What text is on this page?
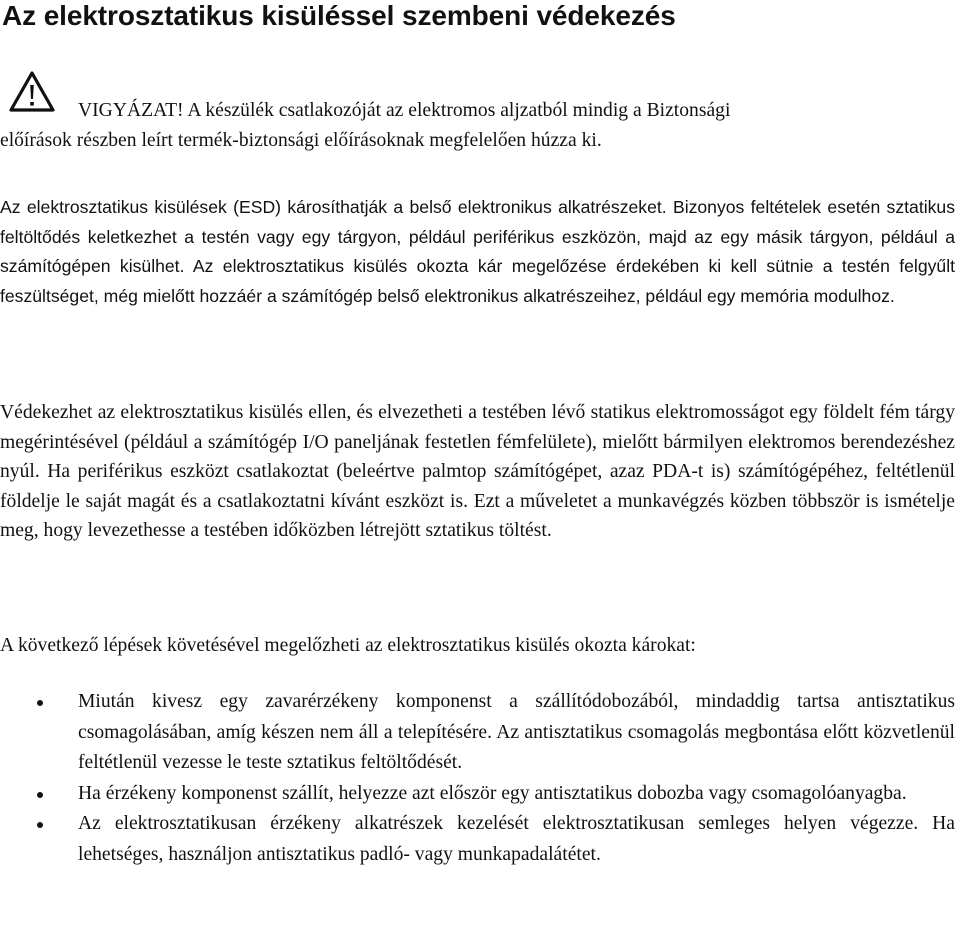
Az elektrosztatikus kisüléssel szembeni védekezés
VIGYÁZAT! A készülék csatlakozóját az elektromos aljzatból mindig a Biztonsági
előírások részben leírt termék-biztonsági előírásoknak megfelelően húzza ki.

Az elektrosztatikus kisülések (ESD) károsíthatják a belső elektronikus alkatrészeket. Bizonyos feltételek esetén sztatikus feltöltődés keletkezhet a testén vagy egy tárgyon, például periférikus eszközön, majd az egy másik tárgyon, például a számítógépen kisülhet. Az elektrosztatikus kisülés okozta kár megelőzése érdekében ki kell sütnie a testén felgyűlt feszültséget, még mielőtt hozzáér a számítógép belső elektronikus alkatrészeihez, például egy memória modulhoz.

Védekezhet az elektrosztatikus kisülés ellen, és elvezetheti a testében lévő statikus elektromosságot egy földelt fém tárgy megérintésével (például a számítógép I/O paneljának festetlen fémfelülete), mielőtt bármilyen elektromos berendezéshez nyúl. Ha periférikus eszközt csatlakoztat (beleértve palmtop számítógépet, azaz PDA-t is) számítógépéhez, feltétlenül földelje le saját magát és a csatlakoztatni kívánt eszközt is. Ezt a műveletet a munkavégzés közben többször is ismételje meg, hogy levezethesse a testében időközben létrejött sztatikus töltést.

A következő lépések követésével megelőzheti az elektrosztatikus kisülés okozta károkat:

Miután kivesz egy zavarérzékeny komponenst a szállítódobozából, mindaddig tartsa antisztatikus csomagolásában, amíg készen nem áll a telepítésére. Az antisztatikus csomagolás megbontása előtt közvetlenül feltétlenül vezesse le teste sztatikus feltöltődését.
Ha érzékeny komponenst szállít, helyezze azt először egy antisztatikus dobozba vagy csomagolóanyagba.
Az elektrosztatikusan érzékeny alkatrészek kezelését elektrosztatikusan semleges helyen végezze. Ha lehetséges, használjon antisztatikus padló- vagy munkapadalátétet.
